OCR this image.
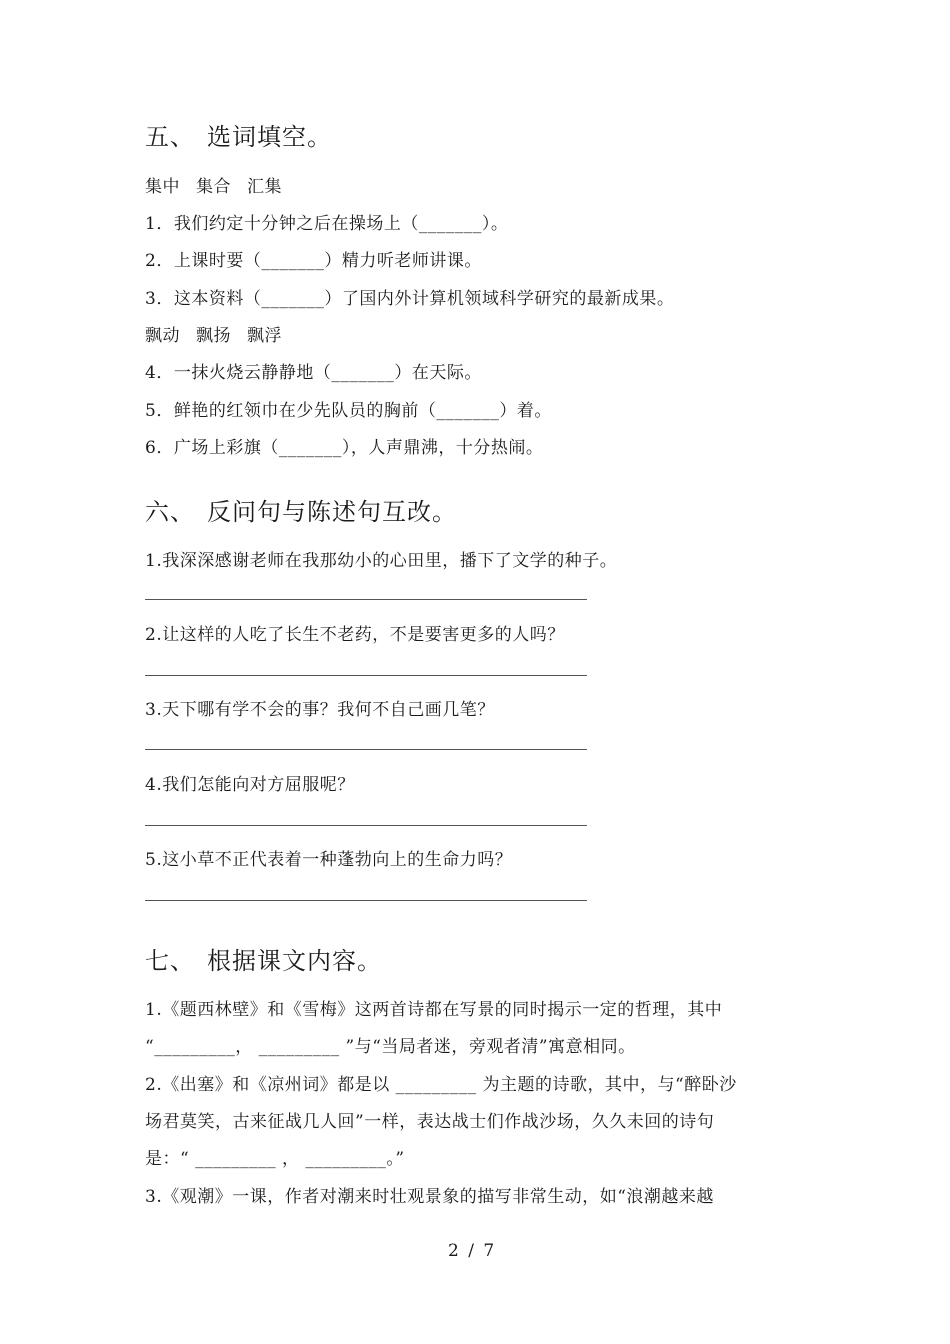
五、 选词填空。
集中 集合 汇集
1．我们约定十分钟之后在操场上（_______）。
2．上课时要（_______）精力听老师讲课。
3．这本资料（_______）了国内外计算机领域科学研究的最新成果。
飘动 飘扬 飘浮
4．一抹火烧云静静地（_______）在天际。
5．鲜艳的红领巾在少先队员的胸前（_______）着。
6．广场上彩旗（_______），人声鼎沸，十分热闹。
六、 反问句与陈述句互改。
1.我深深感谢老师在我那幼小的心田里，播下了文学的种子。
2.让这样的人吃了长生不老药，不是要害更多的人吗？
3.天下哪有学不会的事？我何不自己画几笔？
4.我们怎能向对方屈服呢？
5.这小草不正代表着一种蓬勃向上的生命力吗？
七、 根据课文内容。
1.《题西林壁》和《雪梅》这两首诗都在写景的同时揭示一定的哲理，其中
“_________， _________ ”与“当局者迷，旁观者清”寓意相同。
2.《出塞》和《凉州词》都是以 _________ 为主题的诗歌，其中，与“醉卧沙
场君莫笑，古来征战几人回”一样，表达战士们作战沙场，久久未回的诗句
是：“ _________ ， _________。”
3.《观潮》一课，作者对潮来时壮观景象的描写非常生动，如“浪潮越来越
2 / 7
